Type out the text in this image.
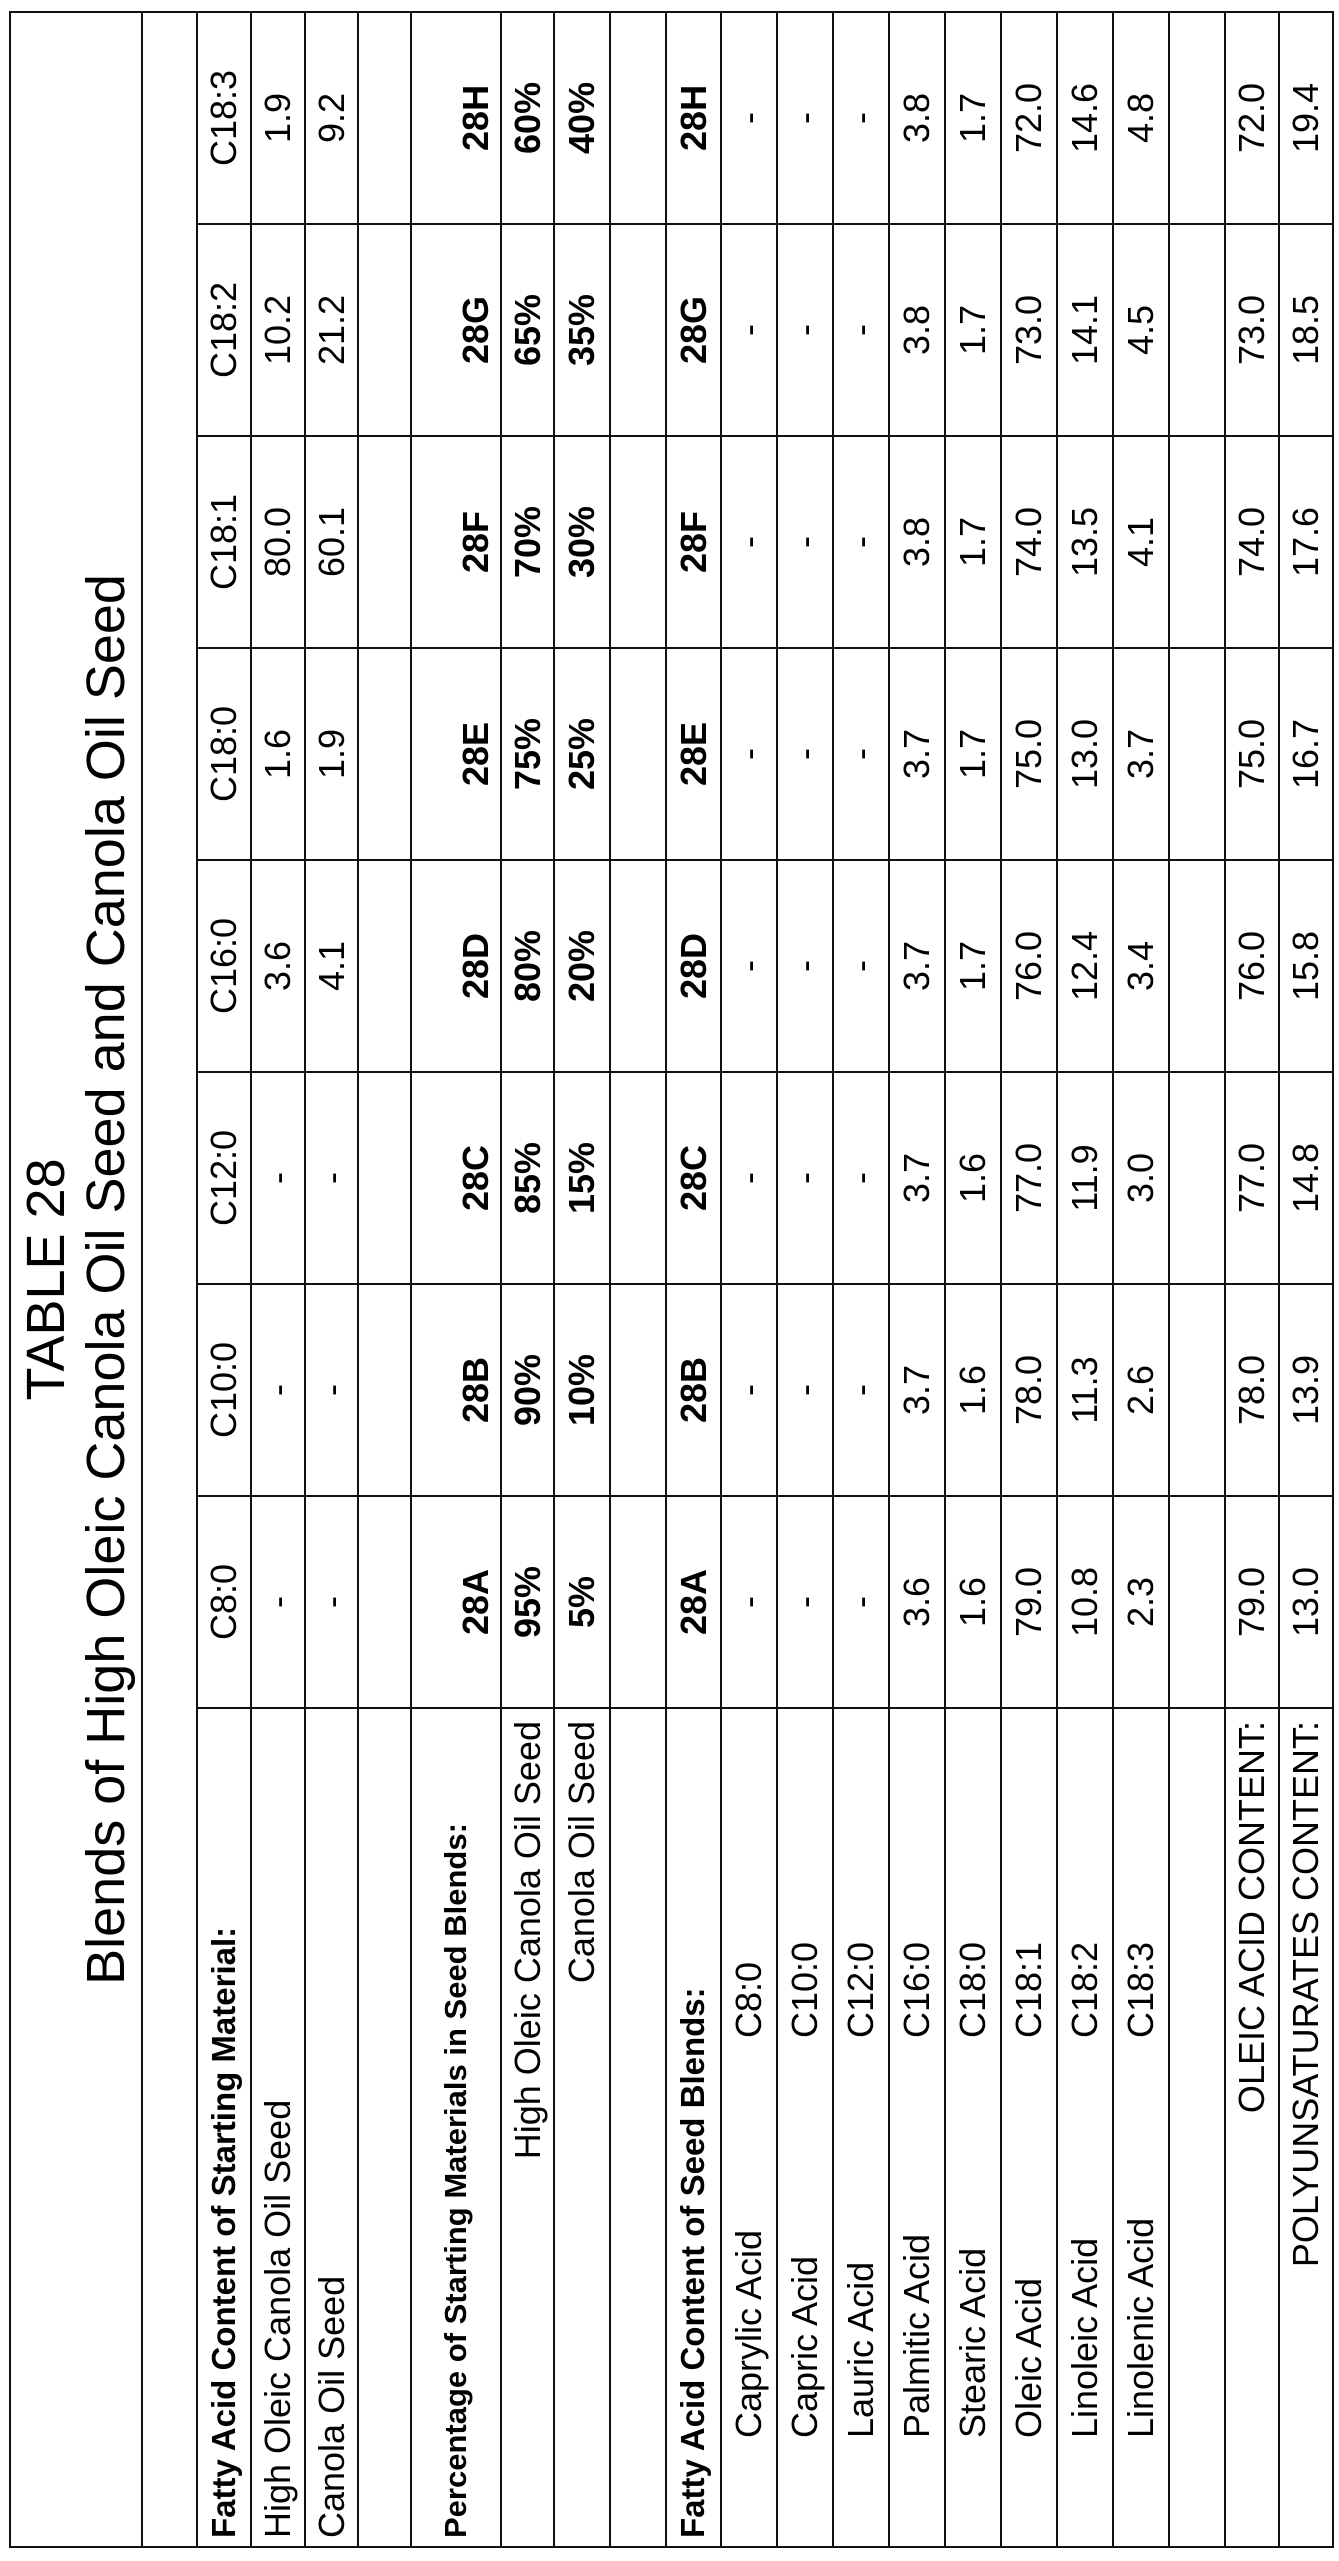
TABLE 28 Blends of High Oleic Canola Oil Seed and Canola Oil Seed

Fatty Acid Content of Starting Material:	C8:0	C10:0	C12:0	C16:0	C18:0	C18:1	C18:2	C18:3
High Oleic Canola Oil Seed	-	-	-	3.6	1.6	80.0	10.2	1.9
Canola Oil Seed	-	-	-	4.1	1.9	60.1	21.2	9.2

Percentage of Starting Materials in Seed Blends:	28A	28B	28C	28D	28E	28F	28G	28H
High Oleic Canola Oil Seed	95%	90%	85%	80%	75%	70%	65%	60%
Canola Oil Seed	5%	10%	15%	20%	25%	30%	35%	40%

Fatty Acid Content of Seed Blends:	28A	28B	28C	28D	28E	28F	28G	28H
Caprylic AcidC8:0	-	-	-	-	-	-	-	-
Capric AcidC10:0	-	-	-	-	-	-	-	-
Lauric AcidC12:0	-	-	-	-	-	-	-	-
Palmitic AcidC16:0	3.6	3.7	3.7	3.7	3.7	3.8	3.8	3.8
Stearic AcidC18:0	1.6	1.6	1.6	1.7	1.7	1.7	1.7	1.7
Oleic AcidC18:1	79.0	78.0	77.0	76.0	75.0	74.0	73.0	72.0
Linoleic AcidC18:2	10.8	11.3	11.9	12.4	13.0	13.5	14.1	14.6
Linolenic AcidC18:3	2.3	2.6	3.0	3.4	3.7	4.1	4.5	4.8

OLEIC ACID CONTENT:	79.0	78.0	77.0	76.0	75.0	74.0	73.0	72.0
POLYUNSATURATES CONTENT:	13.0	13.9	14.8	15.8	16.7	17.6	18.5	19.4
